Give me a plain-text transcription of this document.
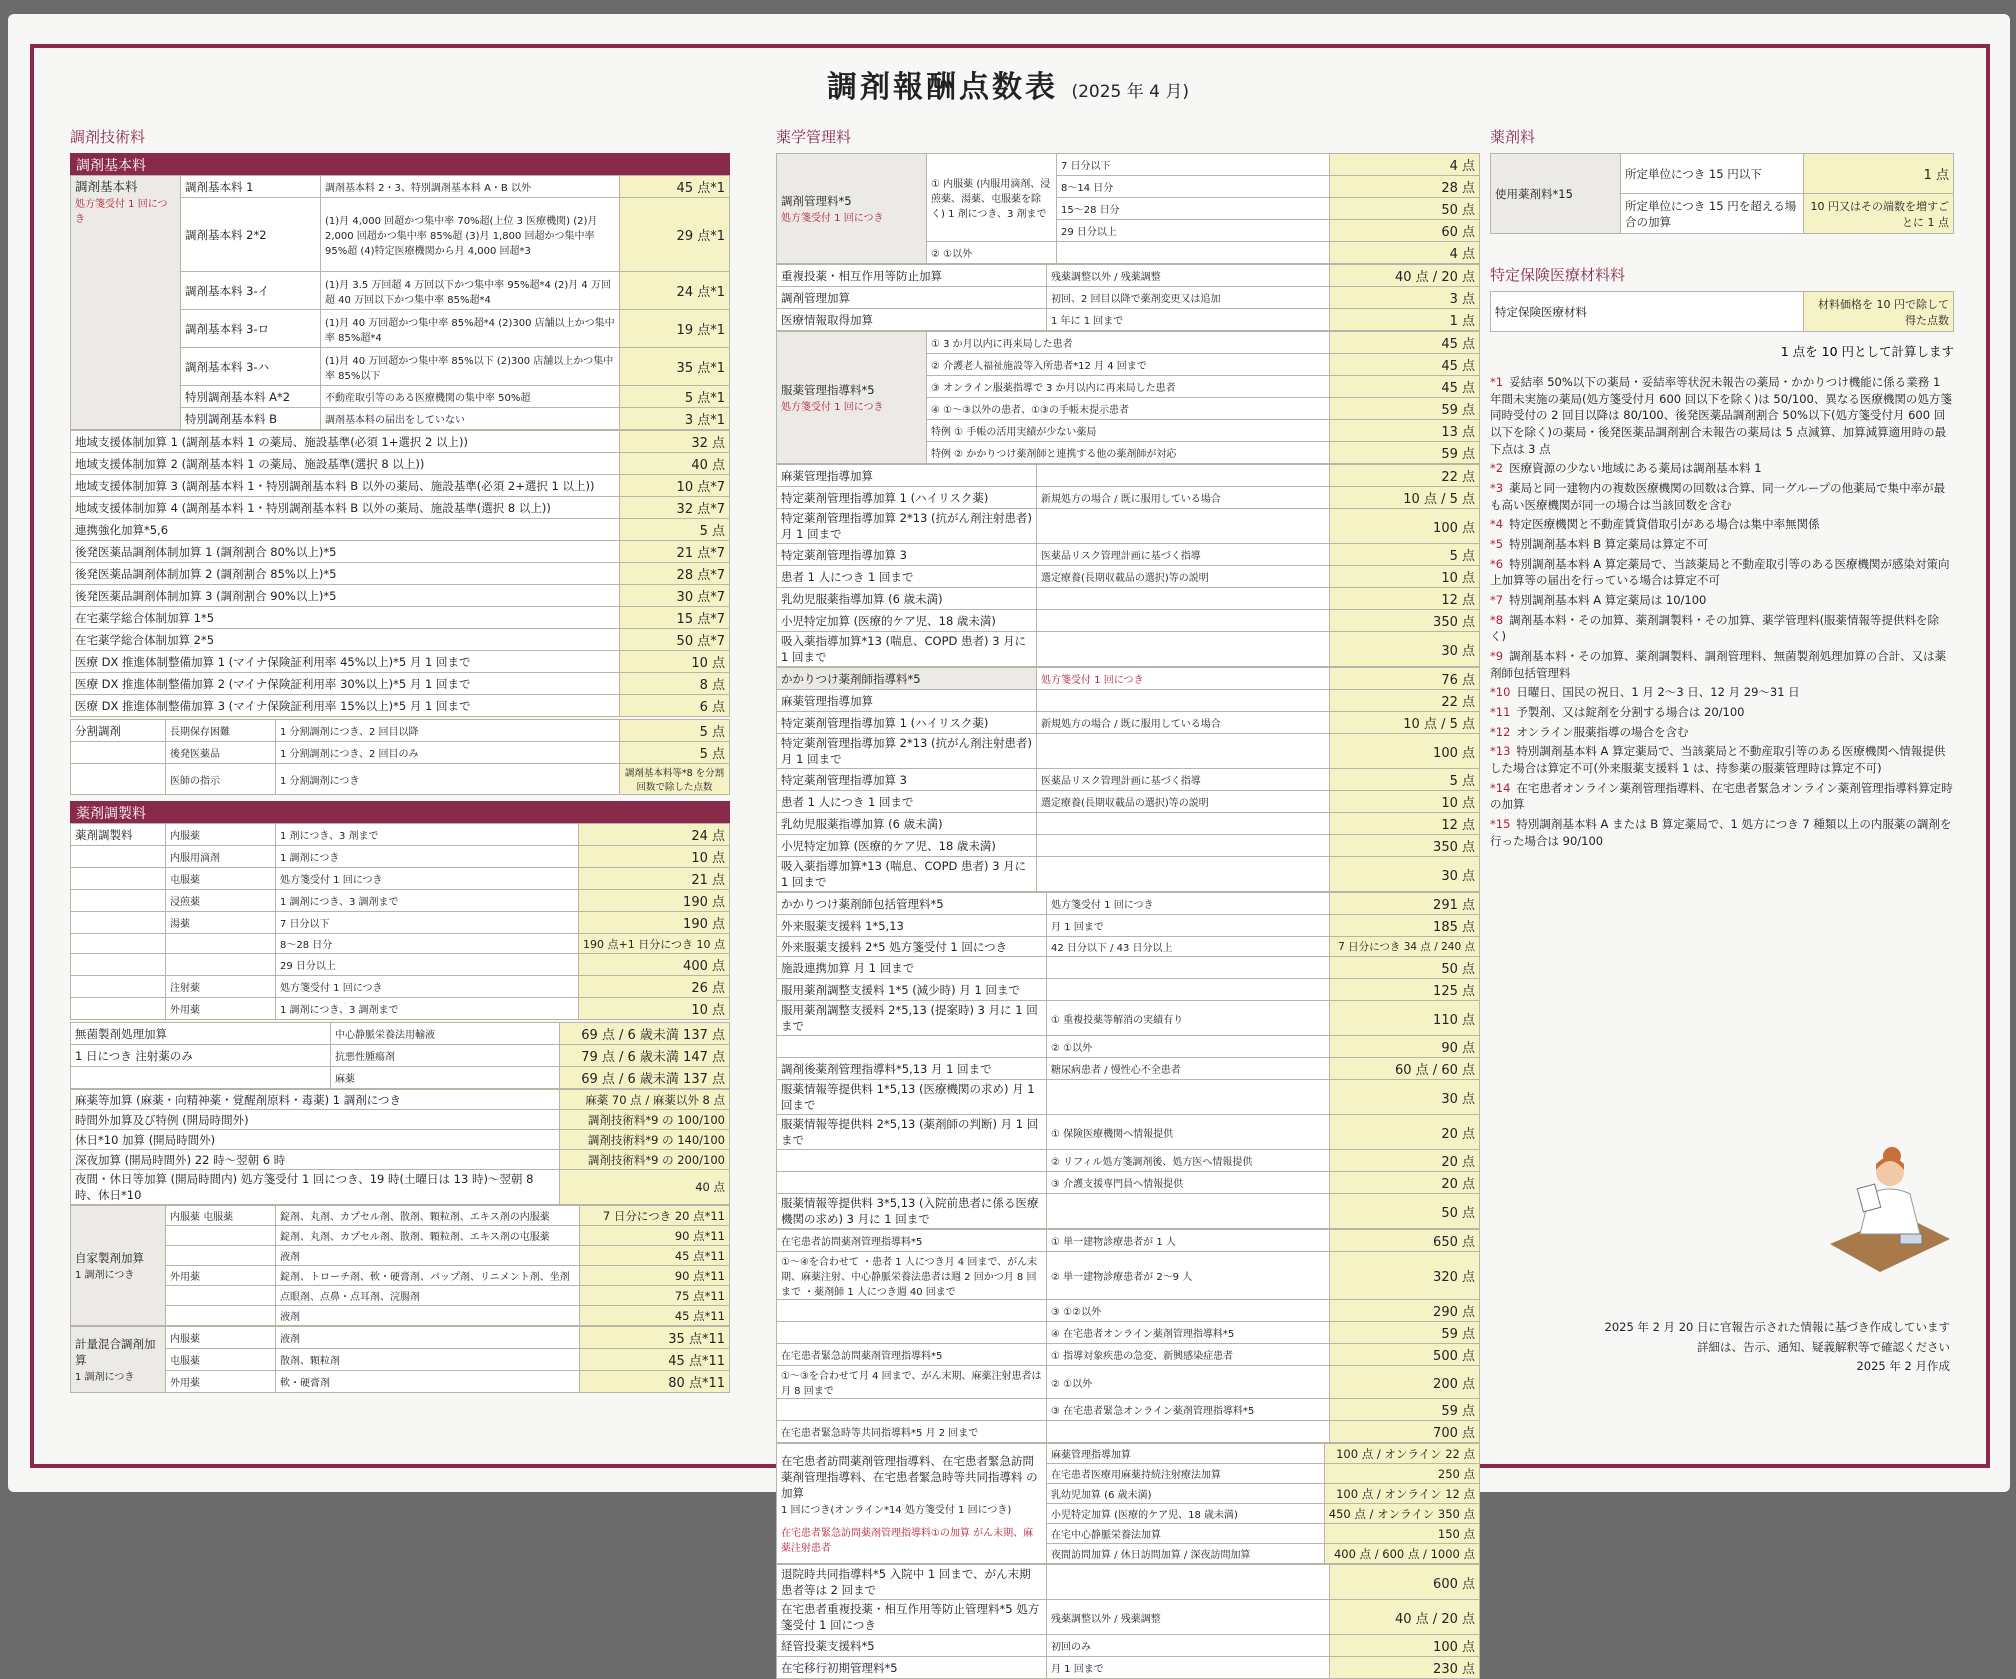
調剤報酬点数表 (2025 年 4 月)
調剤技術料
調剤基本料
調剤基本料
処方箋受付 1 回につき	調剤基本料 1	調剤基本料 2・3、特別調剤基本料 A・B 以外	45 点*1
	調剤基本料 2*2	(1)月 4,000 回超かつ集中率 70%超(上位 3 医療機関) (2)月 2,000 回超かつ集中率 85%超 (3)月 1,800 回超かつ集中率 95%超 (4)特定医療機関から月 4,000 回超*3	29 点*1
	調剤基本料 3-イ	(1)月 3.5 万回超 4 万回以下かつ集中率 95%超*4 (2)月 4 万回超 40 万回以下かつ集中率 85%超*4	24 点*1
	調剤基本料 3-ロ	(1)月 40 万回超かつ集中率 85%超*4 (2)300 店舗以上かつ集中率 85%超*4	19 点*1
	調剤基本料 3-ハ	(1)月 40 万回超かつ集中率 85%以下 (2)300 店舗以上かつ集中率 85%以下	35 点*1
	特別調剤基本料 A*2	不動産取引等のある医療機関の集中率 50%超	5 点*1
	特別調剤基本料 B	調剤基本料の届出をしていない	3 点*1
地域支援体制加算 1 (調剤基本料 1 の薬局、施設基準(必須 1+選択 2 以上))	32 点
地域支援体制加算 2 (調剤基本料 1 の薬局、施設基準(選択 8 以上))	40 点
地域支援体制加算 3 (調剤基本料 1・特別調剤基本料 B 以外の薬局、施設基準(必須 2+選択 1 以上))	10 点*7
地域支援体制加算 4 (調剤基本料 1・特別調剤基本料 B 以外の薬局、施設基準(選択 8 以上))	32 点*7
連携強化加算*5,6	5 点
後発医薬品調剤体制加算 1 (調剤割合 80%以上)*5	21 点*7
後発医薬品調剤体制加算 2 (調剤割合 85%以上)*5	28 点*7
後発医薬品調剤体制加算 3 (調剤割合 90%以上)*5	30 点*7
在宅薬学総合体制加算 1*5	15 点*7
在宅薬学総合体制加算 2*5	50 点*7
医療 DX 推進体制整備加算 1 (マイナ保険証利用率 45%以上)*5 月 1 回まで	10 点
医療 DX 推進体制整備加算 2 (マイナ保険証利用率 30%以上)*5 月 1 回まで	8 点
医療 DX 推進体制整備加算 3 (マイナ保険証利用率 15%以上)*5 月 1 回まで	6 点
分割調剤	長期保存困難	1 分割調剤につき、2 回目以降	5 点
	後発医薬品	1 分割調剤につき、2 回目のみ	5 点
	医師の指示	1 分割調剤につき	調剤基本料等*8 を分割回数で除した点数
薬剤調製料
薬剤調製料	内服薬	1 剤につき、3 剤まで	24 点
	内服用滴剤	1 調剤につき	10 点
	屯服薬	処方箋受付 1 回につき	21 点
	浸煎薬	1 調剤につき、3 調剤まで	190 点
	湯薬	7 日分以下	190 点
		8～28 日分	190 点+1 日分につき 10 点
		29 日分以上	400 点
	注射薬	処方箋受付 1 回につき	26 点
	外用薬	1 調剤につき、3 調剤まで	10 点
無菌製剤処理加算	中心静脈栄養法用輸液	69 点 / 6 歳未満 137 点
1 日につき 注射薬のみ	抗悪性腫瘍剤	79 点 / 6 歳未満 147 点
	麻薬	69 点 / 6 歳未満 137 点
麻薬等加算 (麻薬・向精神薬・覚醒剤原料・毒薬) 1 調剤につき	麻薬 70 点 / 麻薬以外 8 点
時間外加算及び特例 (開局時間外)	調剤技術料*9 の 100/100
休日*10 加算 (開局時間外)	調剤技術料*9 の 140/100
深夜加算 (開局時間外) 22 時～翌朝 6 時	調剤技術料*9 の 200/100
夜間・休日等加算 (開局時間内) 処方箋受付 1 回につき、19 時(土曜日は 13 時)～翌朝 8 時、休日*10	40 点
自家製剤加算
1 調剤につき	内服薬 屯服薬	錠剤、丸剤、カプセル剤、散剤、顆粒剤、エキス剤の内服薬	7 日分につき 20 点*11
		錠剤、丸剤、カプセル剤、散剤、顆粒剤、エキス剤の屯服薬	90 点*11
		液剤	45 点*11
	外用薬	錠剤、トローチ剤、軟・硬膏剤、パップ剤、リニメント剤、坐剤	90 点*11
		点眼剤、点鼻・点耳剤、浣腸剤	75 点*11
		液剤	45 点*11
計量混合調剤加算
1 調剤につき	内服薬	液剤	35 点*11
	屯服薬	散剤、顆粒剤	45 点*11
	外用薬	軟・硬膏剤	80 点*11
薬学管理料
調剤管理料*5
処方箋受付 1 回につき	① 内服薬 (内服用滴剤、浸煎薬、湯薬、屯服薬を除く) 1 剤につき、3 剤まで	7 日分以下	4 点
		8～14 日分	28 点
		15～28 日分	50 点
		29 日分以上	60 点
	② ①以外		4 点
重複投薬・相互作用等防止加算	残薬調整以外 / 残薬調整	40 点 / 20 点
調剤管理加算	初回、2 回目以降で薬剤変更又は追加	3 点
医療情報取得加算	1 年に 1 回まで	1 点
服薬管理指導料*5
処方箋受付 1 回につき	① 3 か月以内に再来局した患者	45 点
	② 介護老人福祉施設等入所患者*12 月 4 回まで	45 点
	③ オンライン服薬指導で 3 か月以内に再来局した患者	45 点
	④ ①～③以外の患者、①③の手帳未提示患者	59 点
	特例 ① 手帳の活用実績が少ない薬局	13 点
	特例 ② かかりつけ薬剤師と連携する他の薬剤師が対応	59 点
麻薬管理指導加算		22 点
特定薬剤管理指導加算 1 (ハイリスク薬)	新規処方の場合 / 既に服用している場合	10 点 / 5 点
特定薬剤管理指導加算 2*13 (抗がん剤注射患者) 月 1 回まで		100 点
特定薬剤管理指導加算 3	医薬品リスク管理計画に基づく指導	5 点
患者 1 人につき 1 回まで	選定療養(長期収載品の選択)等の説明	10 点
乳幼児服薬指導加算 (6 歳未満)		12 点
小児特定加算 (医療的ケア児、18 歳未満)		350 点
吸入薬指導加算*13 (喘息、COPD 患者) 3 月に 1 回まで		30 点
かかりつけ薬剤師指導料*5	処方箋受付 1 回につき	76 点
麻薬管理指導加算		22 点
特定薬剤管理指導加算 1 (ハイリスク薬)	新規処方の場合 / 既に服用している場合	10 点 / 5 点
特定薬剤管理指導加算 2*13 (抗がん剤注射患者) 月 1 回まで		100 点
特定薬剤管理指導加算 3	医薬品リスク管理計画に基づく指導	5 点
患者 1 人につき 1 回まで	選定療養(長期収載品の選択)等の説明	10 点
乳幼児服薬指導加算 (6 歳未満)		12 点
小児特定加算 (医療的ケア児、18 歳未満)		350 点
吸入薬指導加算*13 (喘息、COPD 患者) 3 月に 1 回まで		30 点
かかりつけ薬剤師包括管理料*5	処方箋受付 1 回につき	291 点
外来服薬支援料 1*5,13	月 1 回まで	185 点
外来服薬支援料 2*5 処方箋受付 1 回につき	42 日分以下 / 43 日分以上	7 日分につき 34 点 / 240 点
施設連携加算 月 1 回まで		50 点
服用薬剤調整支援料 1*5 (減少時) 月 1 回まで		125 点
服用薬剤調整支援料 2*5,13 (提案時) 3 月に 1 回まで	① 重複投薬等解消の実績有り	110 点
	② ①以外	90 点
調剤後薬剤管理指導料*5,13 月 1 回まで	糖尿病患者 / 慢性心不全患者	60 点 / 60 点
服薬情報等提供料 1*5,13 (医療機関の求め) 月 1 回まで		30 点
服薬情報等提供料 2*5,13 (薬剤師の判断) 月 1 回まで	① 保険医療機関へ情報提供	20 点
	② リフィル処方箋調剤後、処方医へ情報提供	20 点
	③ 介護支援専門員へ情報提供	20 点
服薬情報等提供料 3*5,13 (入院前患者に係る医療機関の求め) 3 月に 1 回まで		50 点
在宅患者訪問薬剤管理指導料*5	① 単一建物診療患者が 1 人	650 点
①～④を合わせて ・患者 1 人につき月 4 回まで、がん末期、麻薬注射、中心静脈栄養法患者は週 2 回かつ月 8 回まで ・薬剤師 1 人につき週 40 回まで	② 単一建物診療患者が 2～9 人	320 点
	③ ①②以外	290 点
	④ 在宅患者オンライン薬剤管理指導料*5	59 点
在宅患者緊急訪問薬剤管理指導料*5	① 指導対象疾患の急変、新興感染症患者	500 点
①～③を合わせて月 4 回まで、がん末期、麻薬注射患者は月 8 回まで	② ①以外	200 点
	③ 在宅患者緊急オンライン薬剤管理指導料*5	59 点
在宅患者緊急時等共同指導料*5 月 2 回まで		700 点
在宅患者訪問薬剤管理指導料、在宅患者緊急訪問薬剤管理指導料、在宅患者緊急時等共同指導料 の加算
1 回につき(オンライン*14 処方箋受付 1 回につき)
在宅患者緊急訪問薬剤管理指導料①の加算 がん末期、麻薬注射患者	麻薬管理指導加算	100 点 / オンライン 22 点
	在宅患者医療用麻薬持続注射療法加算	250 点
	乳幼児加算 (6 歳未満)	100 点 / オンライン 12 点
	小児特定加算 (医療的ケア児、18 歳未満)	450 点 / オンライン 350 点
	在宅中心静脈栄養法加算	150 点
	夜間訪問加算 / 休日訪問加算 / 深夜訪問加算	400 点 / 600 点 / 1000 点
退院時共同指導料*5 入院中 1 回まで、がん末期患者等は 2 回まで		600 点
在宅患者重複投薬・相互作用等防止管理料*5 処方箋受付 1 回につき	残薬調整以外 / 残薬調整	40 点 / 20 点
経管投薬支援料*5	初回のみ	100 点
在宅移行初期管理料*5	月 1 回まで	230 点
薬剤料
使用薬剤料*15	所定単位につき 15 円以下	1 点
	所定単位につき 15 円を超える場合の加算	10 円又はその端数を増すごとに 1 点
特定保険医療材料料
特定保険医療材料	材料価格を 10 円で除して得た点数
1 点を 10 円として計算します
*1 妥結率 50%以下の薬局・妥結率等状況未報告の薬局・かかりつけ機能に係る業務 1 年間未実施の薬局(処方箋受付月 600 回以下を除く)は 50/100、異なる医療機関の処方箋同時受付の 2 回目以降は 80/100、後発医薬品調剤割合 50%以下(処方箋受付月 600 回以下を除く)の薬局・後発医薬品調剤割合未報告の薬局は 5 点減算、加算減算適用時の最下点は 3 点
*2 医療資源の少ない地域にある薬局は調剤基本料 1
*3 薬局と同一建物内の複数医療機関の回数は合算、同一グループの他薬局で集中率が最も高い医療機関が同一の場合は当該回数を含む
*4 特定医療機関と不動産賃貸借取引がある場合は集中率無関係
*5 特別調剤基本料 B 算定薬局は算定不可
*6 特別調剤基本料 A 算定薬局で、当該薬局と不動産取引等のある医療機関が感染対策向上加算等の届出を行っている場合は算定不可
*7 特別調剤基本料 A 算定薬局は 10/100
*8 調剤基本料・その加算、薬剤調製料・その加算、薬学管理料(服薬情報等提供料を除く)
*9 調剤基本料・その加算、薬剤調製料、調剤管理料、無菌製剤処理加算の合計、又は薬剤師包括管理料
*10 日曜日、国民の祝日、1 月 2～3 日、12 月 29～31 日
*11 予製剤、又は錠剤を分割する場合は 20/100
*12 オンライン服薬指導の場合を含む
*13 特別調剤基本料 A 算定薬局で、当該薬局と不動産取引等のある医療機関へ情報提供した場合は算定不可(外来服薬支援料 1 は、持参薬の服薬管理時は算定不可)
*14 在宅患者オンライン薬剤管理指導料、在宅患者緊急オンライン薬剤管理指導料算定時の加算
*15 特別調剤基本料 A または B 算定薬局で、1 処方につき 7 種類以上の内服薬の調剤を行った場合は 90/100
2025 年 2 月 20 日に官報告示された情報に基づき作成しています
詳細は、告示、通知、疑義解釈等で確認ください
2025 年 2 月作成
